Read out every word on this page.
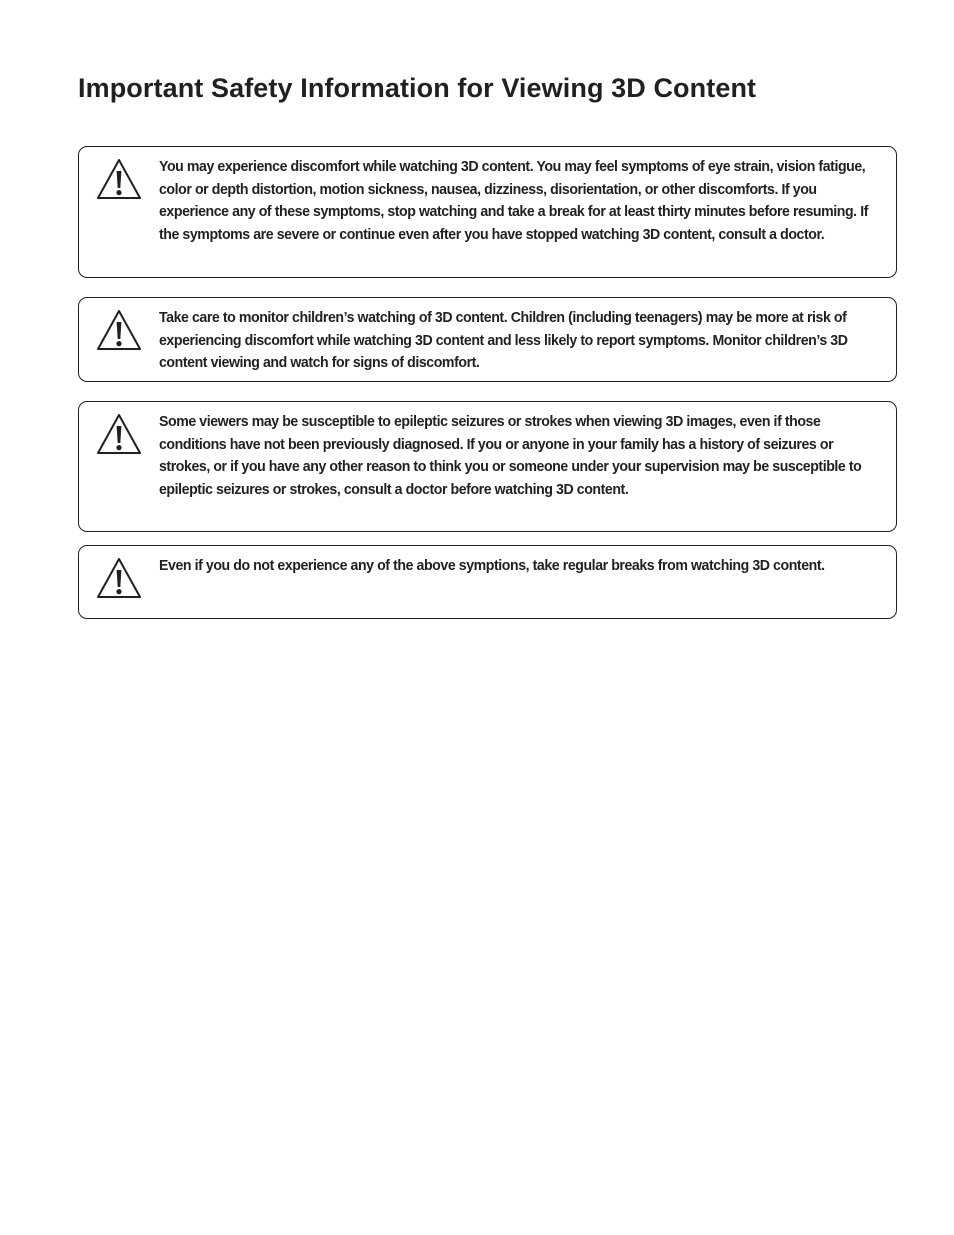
Important Safety Information for Viewing 3D Content

You may experience discomfort while watching 3D content. You may feel symptoms of eye strain, vision fatigue, color or depth distortion, motion sickness, nausea, dizziness, disorientation, or other discomforts. If you experience any of these symptoms, stop watching and take a break for at least thirty minutes before resuming. If the symptoms are severe or continue even after you have stopped watching 3D content, consult a doctor.

Take care to monitor children’s watching of 3D content. Children (including teenagers) may be more at risk of experiencing discomfort while watching 3D content and less likely to report symptoms. Monitor children’s 3D content viewing and watch for signs of discomfort.

Some viewers may be susceptible to epileptic seizures or strokes when viewing 3D images, even if those conditions have not been previously diagnosed. If you or anyone in your family has a history of seizures or strokes, or if you have any other reason to think you or someone under your supervision may be susceptible to epileptic seizures or strokes, consult a doctor before watching 3D content.

Even if you do not experience any of the above symptions, take regular breaks from watching 3D content.
